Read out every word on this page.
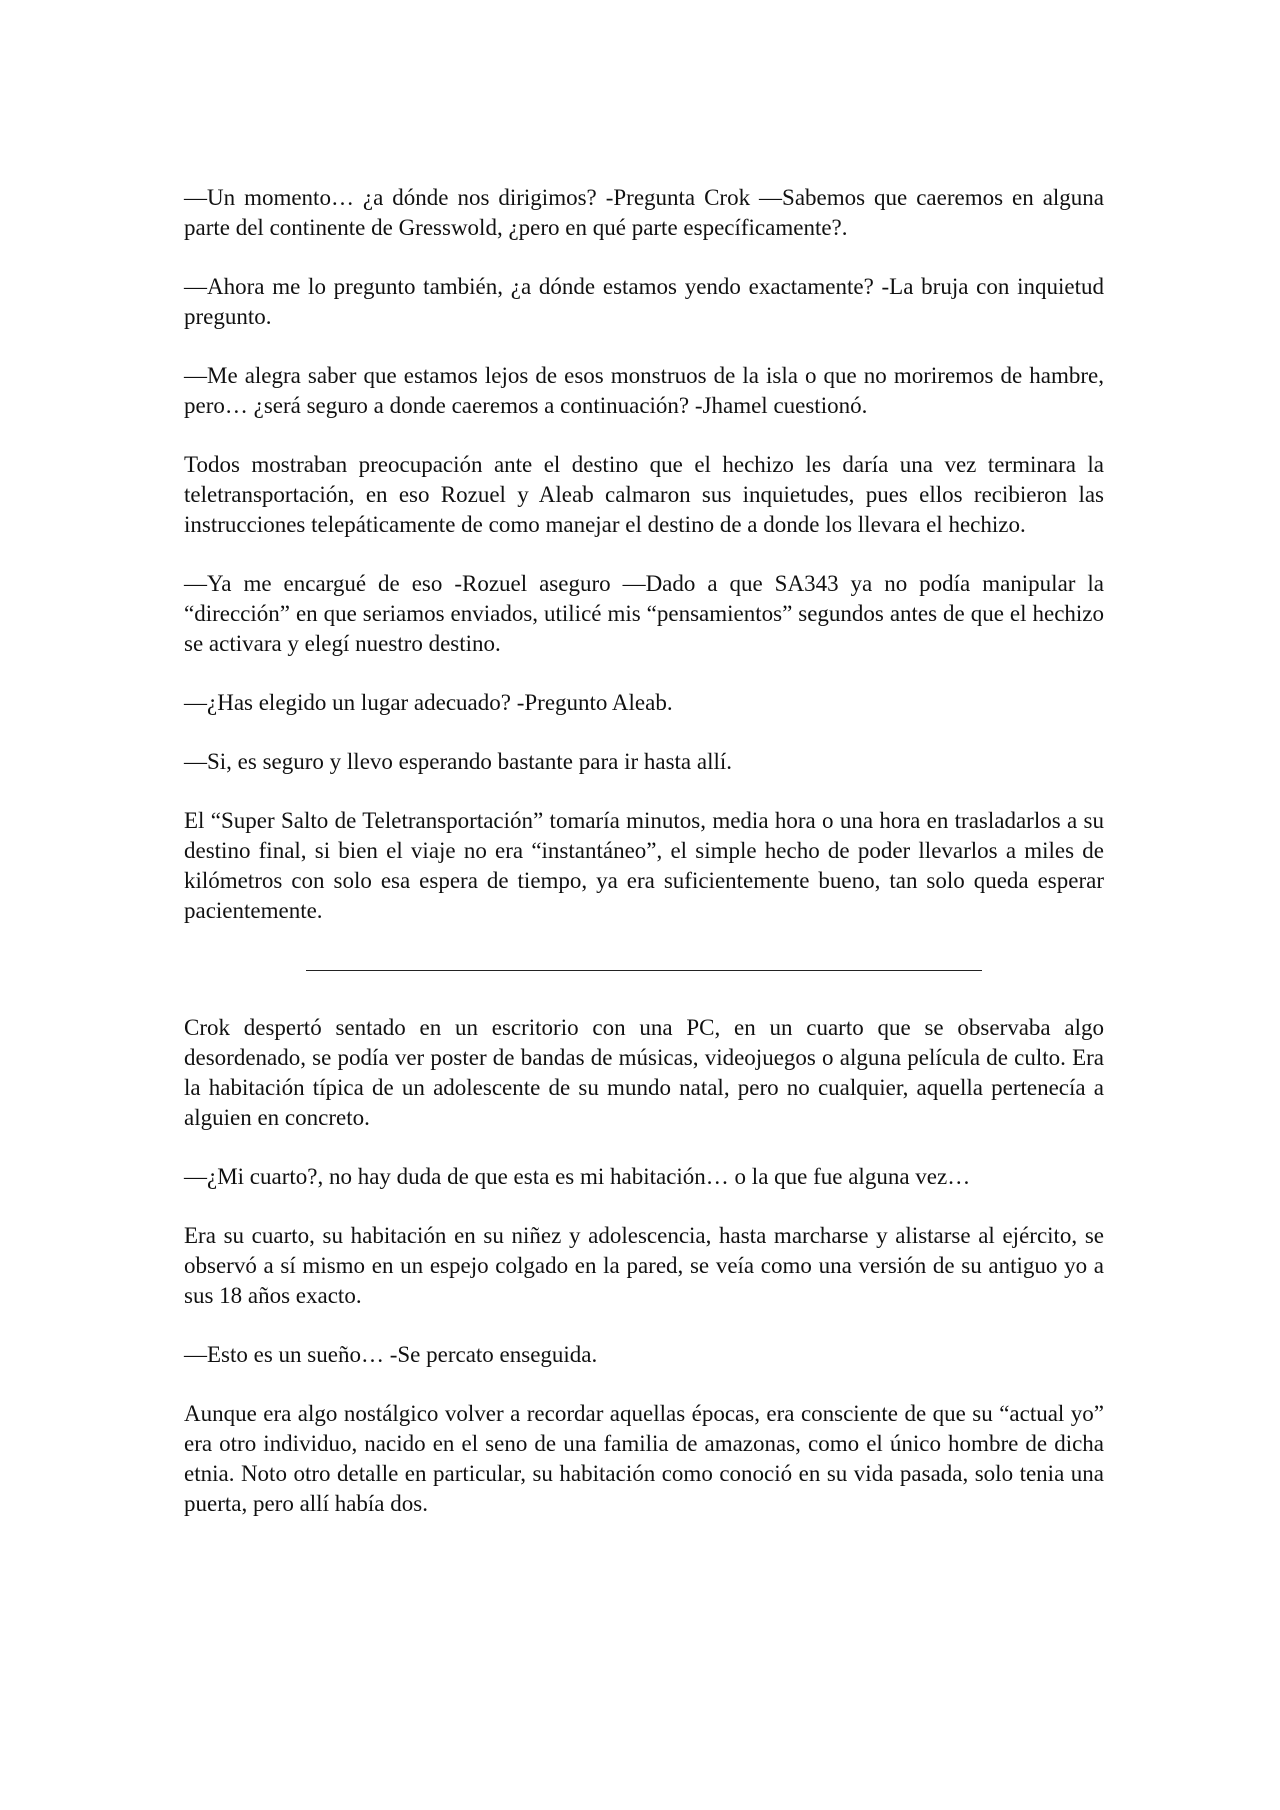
—Un momento… ¿a dónde nos dirigimos? -Pregunta Crok —Sabemos que caeremos en alguna parte del continente de Gresswold, ¿pero en qué parte específicamente?.

—Ahora me lo pregunto también, ¿a dónde estamos yendo exactamente? -La bruja con inquietud pregunto.

—Me alegra saber que estamos lejos de esos monstruos de la isla o que no moriremos de hambre, pero… ¿será seguro a donde caeremos a continuación? -Jhamel cuestionó.

Todos mostraban preocupación ante el destino que el hechizo les daría una vez terminara la teletransportación, en eso Rozuel y Aleab calmaron sus inquietudes, pues ellos recibieron las instrucciones telepáticamente de como manejar el destino de a donde los llevara el hechizo.

—Ya me encargué de eso -Rozuel aseguro —Dado a que SA343 ya no podía manipular la “dirección” en que seriamos enviados, utilicé mis “pensamientos” segundos antes de que el hechizo se activara y elegí nuestro destino.

—¿Has elegido un lugar adecuado? -Pregunto Aleab.

—Si, es seguro y llevo esperando bastante para ir hasta allí.

El “Super Salto de Teletransportación” tomaría minutos, media hora o una hora en trasladarlos a su destino final, si bien el viaje no era “instantáneo”, el simple hecho de poder llevarlos a miles de kilómetros con solo esa espera de tiempo, ya era suficientemente bueno, tan solo queda esperar pacientemente.

Crok despertó sentado en un escritorio con una PC, en un cuarto que se observaba algo desordenado, se podía ver poster de bandas de músicas, videojuegos o alguna película de culto. Era la habitación típica de un adolescente de su mundo natal, pero no cualquier, aquella pertenecía a alguien en concreto.

—¿Mi cuarto?, no hay duda de que esta es mi habitación… o la que fue alguna vez…

Era su cuarto, su habitación en su niñez y adolescencia, hasta marcharse y alistarse al ejército, se observó a sí mismo en un espejo colgado en la pared, se veía como una versión de su antiguo yo a sus 18 años exacto.

—Esto es un sueño… -Se percato enseguida.

Aunque era algo nostálgico volver a recordar aquellas épocas, era consciente de que su “actual yo” era otro individuo, nacido en el seno de una familia de amazonas, como el único hombre de dicha etnia. Noto otro detalle en particular, su habitación como conoció en su vida pasada, solo tenia una puerta, pero allí había dos.
